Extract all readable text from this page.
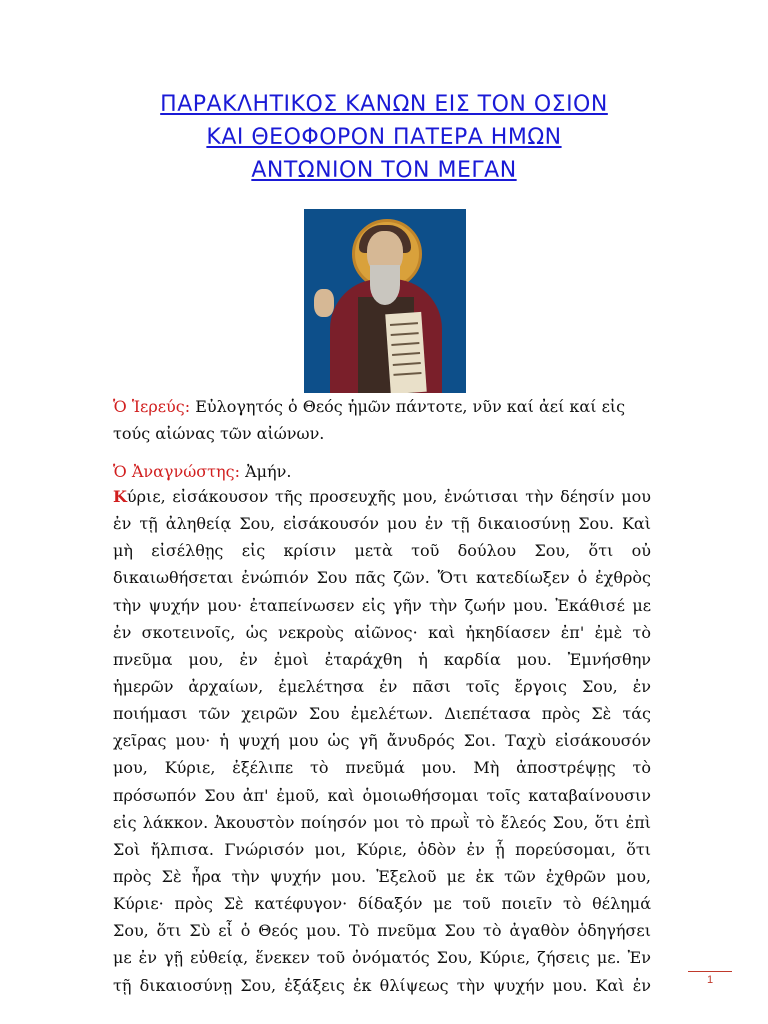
ΠΑΡΑΚΛΗΤΙΚΟΣ ΚΑΝΩΝ ΕΙΣ ΤΟΝ ΟΣΙΟΝ
ΚΑΙ ΘΕΟΦΟΡΟΝ ΠΑΤΕΡΑ ΗΜΩΝ
ΑΝΤΩΝΙΟΝ ΤΟΝ ΜΕΓΑΝ
Ὁ Ἱερεύς: Εὐλογητός ὁ Θεός ἡμῶν πάντοτε, νῦν καί ἀεί καί εἰς
τούς αἰώνας τῶν αἰώνων.
Ὁ Ἀναγνώστης: Ἀμήν.
Κύριε, εἰσάκουσον τῆς προσευχῆς μου, ἐνώτισαι τὴν δέησίν μου
ἐν τῇ ἀληθείᾳ Σου, εἰσάκουσόν μου ἐν τῇ δικαιοσύνῃ Σου. Καὶ
μὴ εἰσέλθῃς εἰς κρίσιν μετὰ τοῦ δούλου Σου, ὅτι οὐ
δικαιωθήσεται ἐνώπιόν Σου πᾶς ζῶν. Ὅτι κατεδίωξεν ὁ ἐχθρὸς
τὴν ψυχήν μου· ἐταπείνωσεν εἰς γῆν τὴν ζωήν μου. Ἐκάθισέ με
ἐν σκοτεινοῖς, ὡς νεκροὺς αἰῶνος· καὶ ἠκηδίασεν ἐπ' ἐμὲ τὸ
πνεῦμα μου, ἐν ἐμοὶ ἐταράχθη ἡ καρδία μου. Ἐμνήσθην
ἡμερῶν ἀρχαίων, ἐμελέτησα ἐν πᾶσι τοῖς ἔργοις Σου, ἐν
ποιήμασι τῶν χειρῶν Σου ἐμελέτων. Διεπέτασα πρὸς Σὲ τάς
χεῖρας μου· ἡ ψυχή μου ὡς γῆ ἄνυδρός Σοι. Ταχὺ εἰσάκουσόν
μου, Κύριε, ἐξέλιπε τὸ πνεῦμά μου. Μὴ ἀποστρέψῃς τὸ
πρόσωπόν Σου ἀπ' ἐμοῦ, καὶ ὁμοιωθήσομαι τοῖς καταβαίνουσιν
εἰς λάκκον. Ἀκουστὸν ποίησόν μοι τὸ πρωῒ τὸ ἔλεός Σου, ὅτι ἐπὶ
Σοὶ ἤλπισα. Γνώρισόν μοι, Κύριε, ὁδὸν ἐν ᾗ πορεύσομαι, ὅτι
πρὸς Σὲ ἦρα τὴν ψυχήν μου. Ἐξελοῦ με ἐκ τῶν ἐχθρῶν μου,
Κύριε· πρὸς Σὲ κατέφυγον· δίδαξόν με τοῦ ποιεῖν τὸ θέλημά
Σου, ὅτι Σὺ εἶ ὁ Θεός μου. Τὸ πνεῦμα Σου τὸ ἀγαθὸν ὁδηγήσει
με ἐν γῇ εὐθείᾳ, ἕνεκεν τοῦ ὀνόματός Σου, Κύριε, ζήσεις με. Ἐν
τῇ δικαιοσύνῃ Σου, ἐξάξεις ἐκ θλίψεως τὴν ψυχήν μου. Καὶ ἐν	1
